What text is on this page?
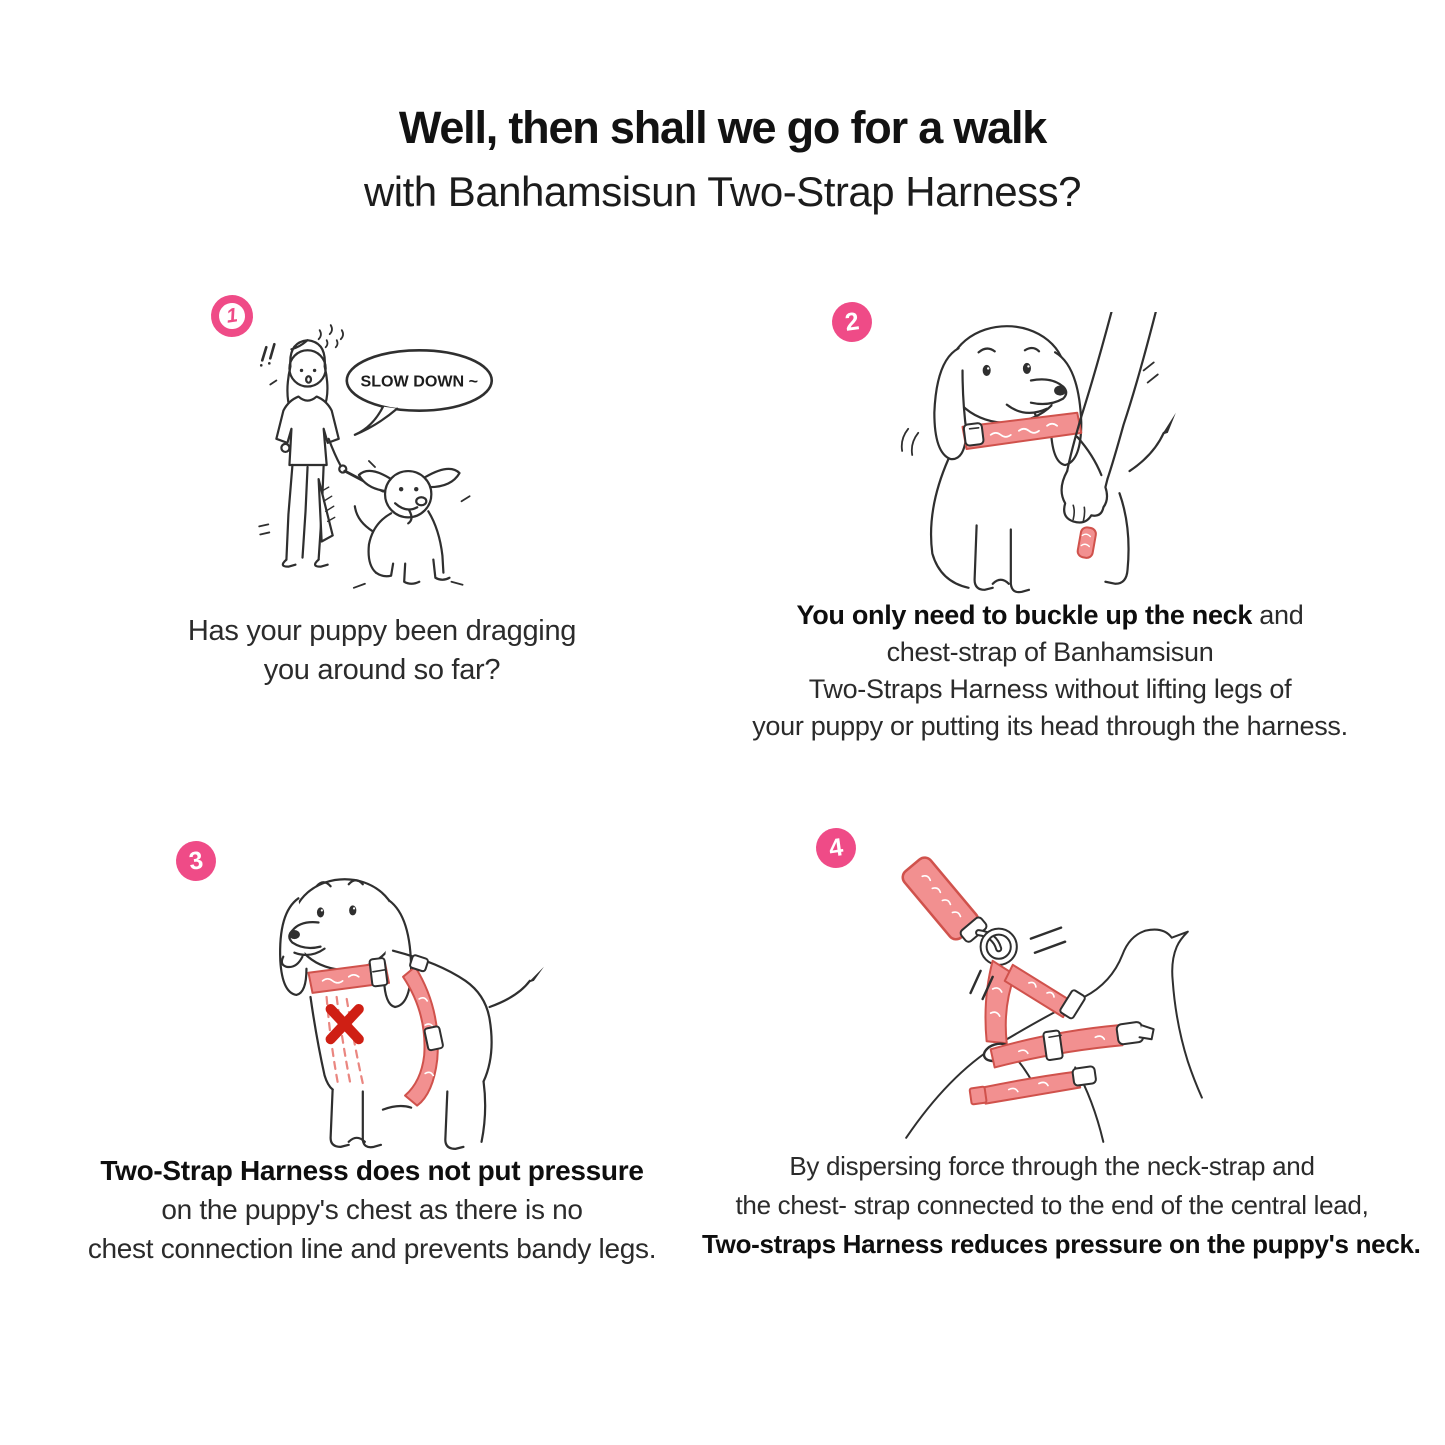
Well, then shall we go for a walk
with Banhamsisun Two-Strap Harness?
1
SLOW DOWN ~
Has your puppy been dragging
you around so far?
2
You only need to buckle up the neck and
chest-strap of Banhamsisun
Two-Straps Harness without lifting legs of
your puppy or putting its head through the harness.
3
Two-Strap Harness does not put pressure
on the puppy's chest as there is no
chest connection line and prevents bandy legs.
4
By dispersing force through the neck-strap and
the chest- strap connected to the end of the central lead,
Two-straps Harness reduces pressure on the puppy's neck.
